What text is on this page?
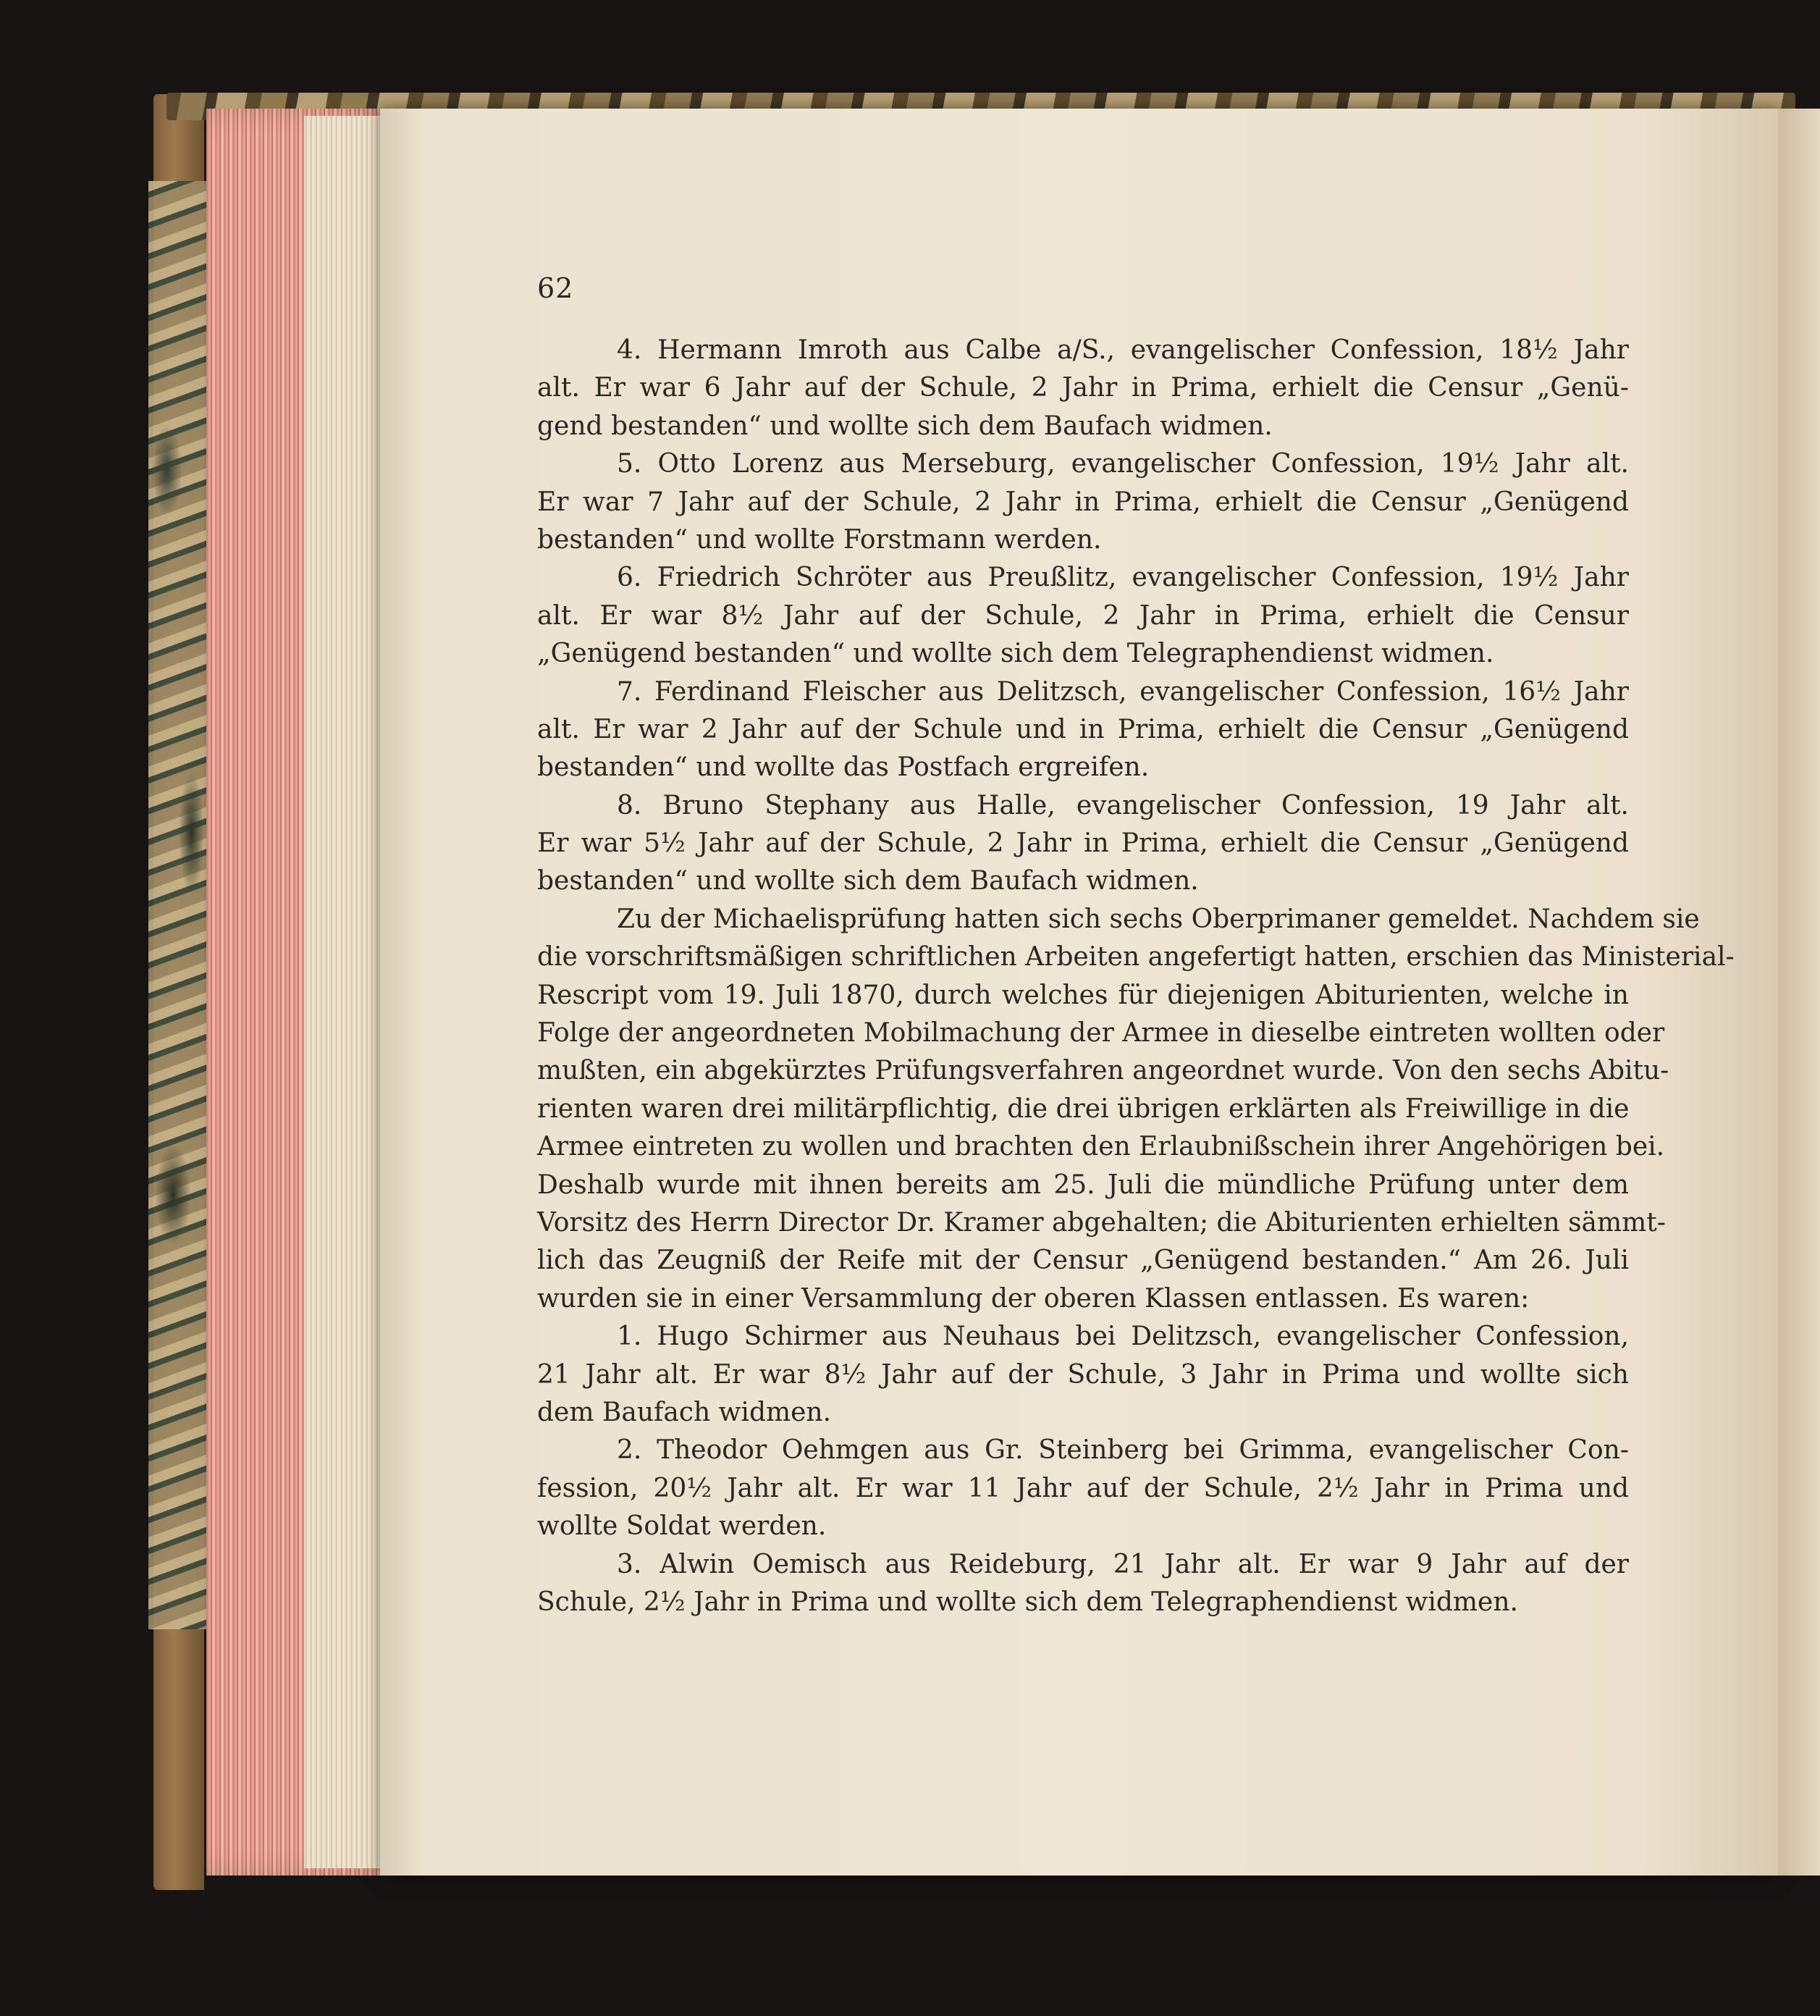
62
4. Hermann Imroth aus Calbe a/S., evangelischer Confession, 18½ Jahr
alt. Er war 6 Jahr auf der Schule, 2 Jahr in Prima, erhielt die Censur „Genü-
gend bestanden“ und wollte sich dem Baufach widmen.
5. Otto Lorenz aus Merseburg, evangelischer Confession, 19½ Jahr alt.
Er war 7 Jahr auf der Schule, 2 Jahr in Prima, erhielt die Censur „Genügend
bestanden“ und wollte Forstmann werden.
6. Friedrich Schröter aus Preußlitz, evangelischer Confession, 19½ Jahr
alt. Er war 8½ Jahr auf der Schule, 2 Jahr in Prima, erhielt die Censur
„Genügend bestanden“ und wollte sich dem Telegraphendienst widmen.
7. Ferdinand Fleischer aus Delitzsch, evangelischer Confession, 16½ Jahr
alt. Er war 2 Jahr auf der Schule und in Prima, erhielt die Censur „Genügend
bestanden“ und wollte das Postfach ergreifen.
8. Bruno Stephany aus Halle, evangelischer Confession, 19 Jahr alt.
Er war 5½ Jahr auf der Schule, 2 Jahr in Prima, erhielt die Censur „Genügend
bestanden“ und wollte sich dem Baufach widmen.
Zu der Michaelisprüfung hatten sich sechs Oberprimaner gemeldet. Nachdem sie
die vorschriftsmäßigen schriftlichen Arbeiten angefertigt hatten, erschien das Ministerial-
Rescript vom 19. Juli 1870, durch welches für diejenigen Abiturienten, welche in
Folge der angeordneten Mobilmachung der Armee in dieselbe eintreten wollten oder
mußten, ein abgekürztes Prüfungsverfahren angeordnet wurde. Von den sechs Abitu-
rienten waren drei militärpflichtig, die drei übrigen erklärten als Freiwillige in die
Armee eintreten zu wollen und brachten den Erlaubnißschein ihrer Angehörigen bei.
Deshalb wurde mit ihnen bereits am 25. Juli die mündliche Prüfung unter dem
Vorsitz des Herrn Director Dr. Kramer abgehalten; die Abiturienten erhielten sämmt-
lich das Zeugniß der Reife mit der Censur „Genügend bestanden.“ Am 26. Juli
wurden sie in einer Versammlung der oberen Klassen entlassen. Es waren:
1. Hugo Schirmer aus Neuhaus bei Delitzsch, evangelischer Confession,
21 Jahr alt. Er war 8½ Jahr auf der Schule, 3 Jahr in Prima und wollte sich
dem Baufach widmen.
2. Theodor Oehmgen aus Gr. Steinberg bei Grimma, evangelischer Con-
fession, 20½ Jahr alt. Er war 11 Jahr auf der Schule, 2½ Jahr in Prima und
wollte Soldat werden.
3. Alwin Oemisch aus Reideburg, 21 Jahr alt. Er war 9 Jahr auf der
Schule, 2½ Jahr in Prima und wollte sich dem Telegraphendienst widmen.
